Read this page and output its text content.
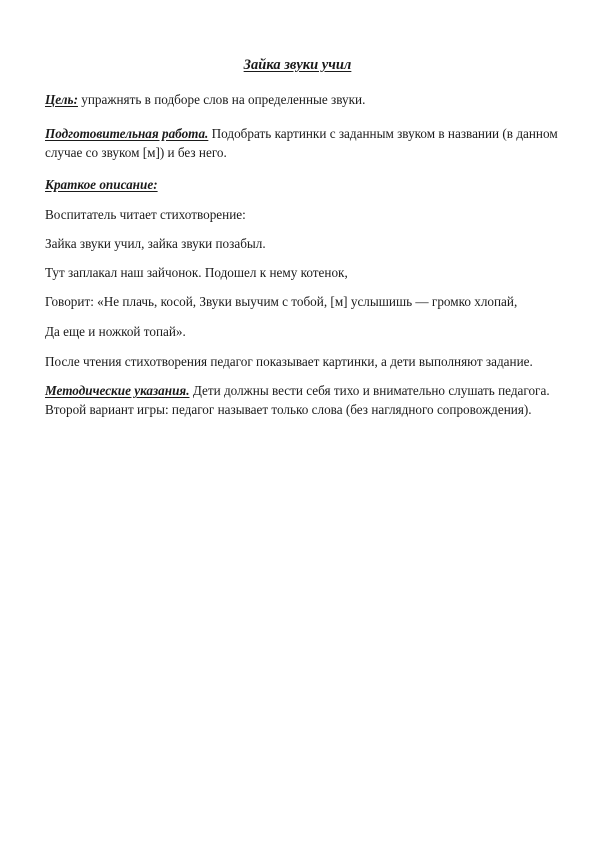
Зайка звуки учил

Цель: упражнять в подборе слов на определенные звуки.

Подготовительная работа. Подобрать картинки с заданным звуком в названии (в данном случае со звуком [м]) и без него.

Краткое описание:

Воспитатель читает стихотворение:

Зайка звуки учил, зайка звуки позабыл.

Тут заплакал наш зайчонок. Подошел к нему котенок,

Говорит: «Не плачь, косой, Звуки выучим с тобой, [м] услышишь — громко хлопай,

Да еще и ножкой топай».

После чтения стихотворения педагог показывает картинки, а дети выполняют задание.

Методические указания. Дети должны вести себя тихо и внимательно слушать педагога. Второй вариант игры: педагог называет только слова (без наглядного сопровождения).
